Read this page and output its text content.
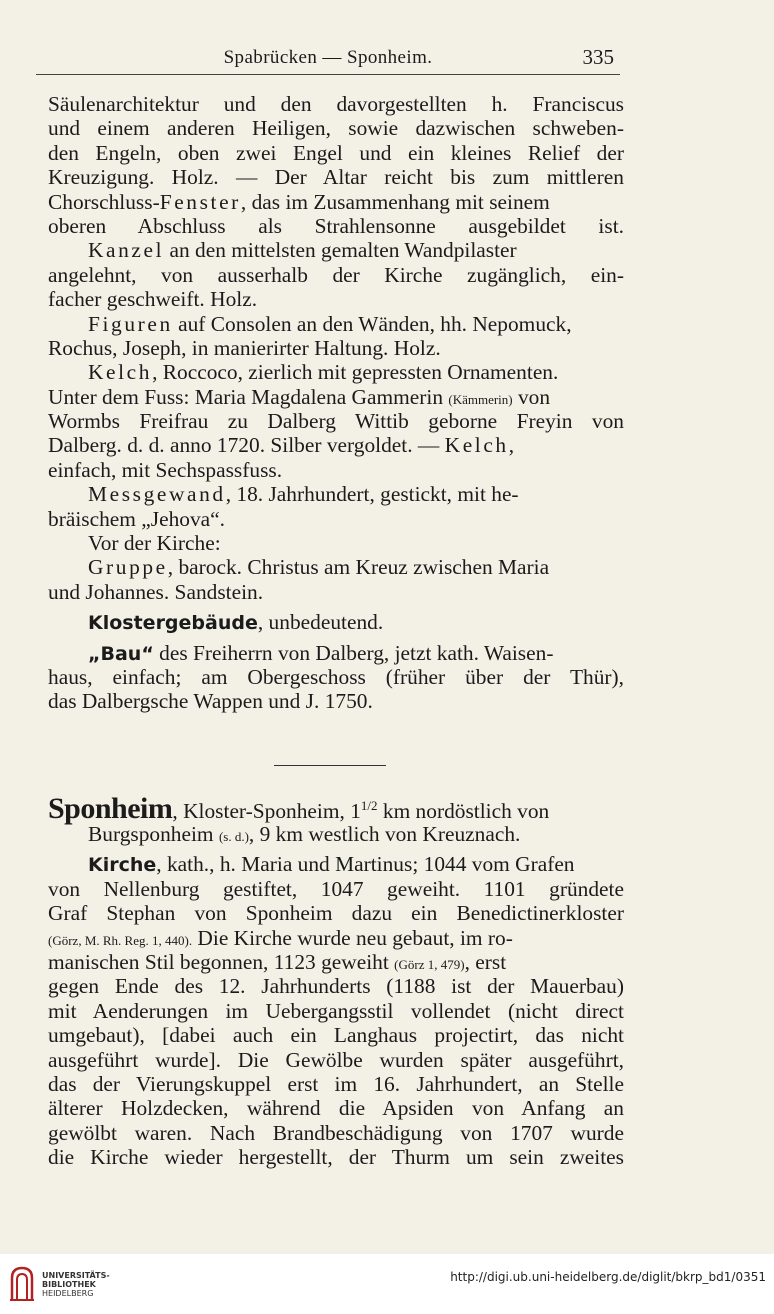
Spabrücken — Sponheim.	335
Säulenarchitektur und den davorgestellten h. Franciscus
und einem anderen Heiligen, sowie dazwischen schweben-
den Engeln, oben zwei Engel und ein kleines Relief der
Kreuzigung. Holz. — Der Altar reicht bis zum mittleren
Chorschluss-Fenster, das im Zusammenhang mit seinem
oberen Abschluss als Strahlensonne ausgebildet ist.
Kanzel an den mittelsten gemalten Wandpilaster
angelehnt, von ausserhalb der Kirche zugänglich, ein-
facher geschweift. Holz.
Figuren auf Consolen an den Wänden, hh. Nepomuck,
Rochus, Joseph, in manierirter Haltung. Holz.
Kelch, Roccoco, zierlich mit gepressten Ornamenten.
Unter dem Fuss: Maria Magdalena Gammerin (Kämmerin) von
Wormbs Freifrau zu Dalberg Wittib geborne Freyin von
Dalberg. d. d. anno 1720. Silber vergoldet. — Kelch,
einfach, mit Sechspassfuss.
Messgewand, 18. Jahrhundert, gestickt, mit he-
bräischem „Jehova“.
Vor der Kirche:
Gruppe, barock. Christus am Kreuz zwischen Maria
und Johannes. Sandstein.
Klostergebäude, unbedeutend.
„Bau“ des Freiherrn von Dalberg, jetzt kath. Waisen-
haus, einfach; am Obergeschoss (früher über der Thür),
das Dalbergsche Wappen und J. 1750.
Sponheim, Kloster-Sponheim, $1^{1/2}$ km nordöstlich von
Burgsponheim (s. d.), 9 km westlich von Kreuznach.
Kirche, kath., h. Maria und Martinus; 1044 vom Grafen
von Nellenburg gestiftet, 1047 geweiht. 1101 gründete
Graf Stephan von Sponheim dazu ein Benedictinerkloster
(Görz, M. Rh. Reg. 1, 440). Die Kirche wurde neu gebaut, im ro-
manischen Stil begonnen, 1123 geweiht (Görz 1, 479), erst
gegen Ende des 12. Jahrhunderts (1188 ist der Mauerbau)
mit Aenderungen im Uebergangsstil vollendet (nicht direct
umgebaut), [dabei auch ein Langhaus projectirt, das nicht
ausgeführt wurde]. Die Gewölbe wurden später ausgeführt,
das der Vierungskuppel erst im 16. Jahrhundert, an Stelle
älterer Holzdecken, während die Apsiden von Anfang an
gewölbt waren. Nach Brandbeschädigung von 1707 wurde
die Kirche wieder hergestellt, der Thurm um sein zweites
UNIVERSITÄTS-
BIBLIOTHEK
HEIDELBERG
http://digi.ub.uni-heidelberg.de/diglit/bkrp_bd1/0351
